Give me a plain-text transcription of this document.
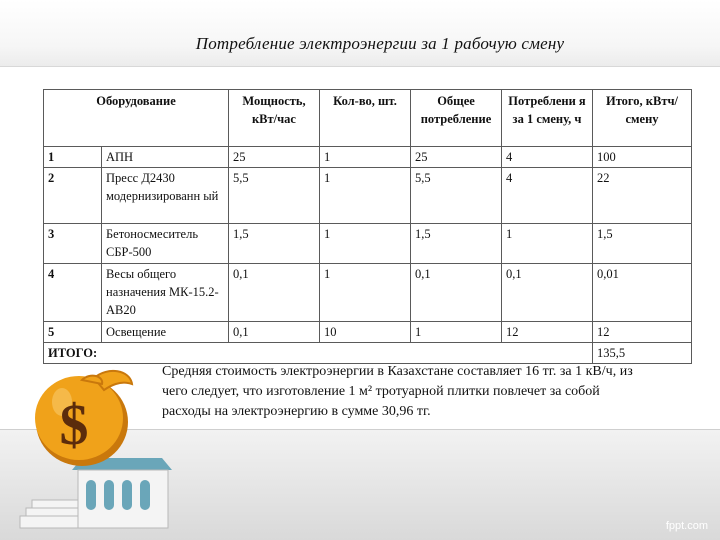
Потребление электроэнергии за 1 рабочую смену
Оборудование		Мощность, кВт/час	Кол-во, шт.	Общее потребление	Потреблени я за 1 смену, ч	Итого, кВтч/смену
1	АПН	25	1	25	4	100
2	Пресс Д2430 модернизированн ый	5,5	1	5,5	4	22
3	Бетоносмеситель СБР-500	1,5	1	1,5	1	1,5
4	Весы общего назначения МК-15.2-АВ20	0,1	1	0,1	0,1	0,01
5	Освещение	0,1	10	1	12	12
ИТОГО:						135,5
Средняя стоимость электроэнергии в Казахстане составляет 16 тг. за 1 кВ/ч, из чего следует, что изготовление 1 м² тротуарной плитки повлечет за собой расходы на электроэнергию в сумме 30,96 тг.
$
fppt.com
